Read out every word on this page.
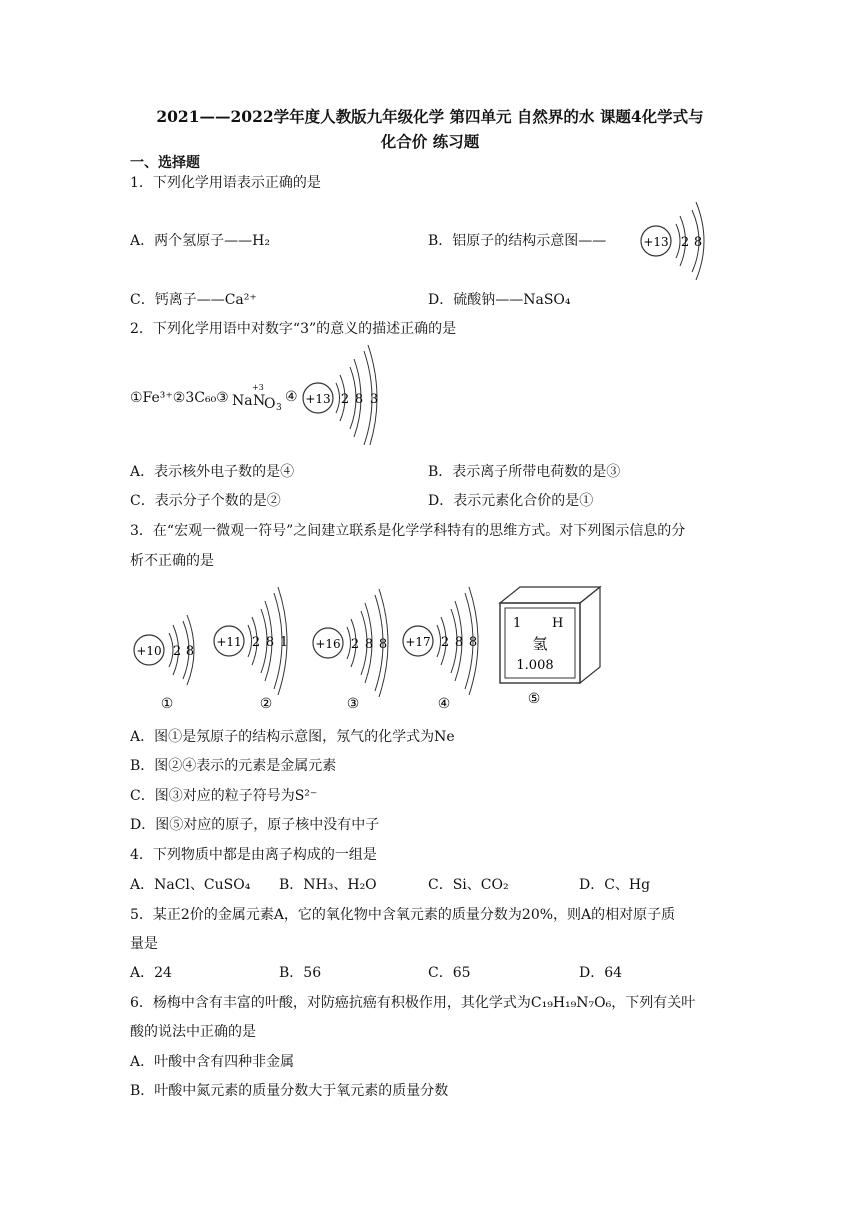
2021——2022学年度人教版九年级化学 第四单元 自然界的水 课题4化学式与
化合价 练习题
一、选择题
1．下列化学用语表示正确的是
A．两个氢原子——H₂	B．铝原子的结构示意图——	+13 2 8
C．钙离子——Ca²⁺	D．硫酸钠——NaSO₄
2．下列化学用语中对数字“3”的意义的描述正确的是
①Fe³⁺②3C₆₀③ Na
+3
N
O 3
④ +13 2 8 3
A．表示核外电子数的是④	B．表示离子所带电荷数的是③
C．表示分子个数的是②	D．表示元素化合价的是①
3．在“宏观一微观一符号”之间建立联系是化学学科特有的思维方式。对下列图示信息的分
析不正确的是
+10 2 8
①
+11 2 8 1
②
+16 2 8 8
③
+17 2 8 8
④
1 H
氢
1.008
⑤
A．图①是氖原子的结构示意图，氖气的化学式为Ne
B．图②④表示的元素是金属元素
C．图③对应的粒子符号为S²⁻
D．图⑤对应的原子，原子核中没有中子
4．下列物质中都是由离子构成的一组是
A．NaCl、CuSO₄ B．NH₃、H₂O	C．Si、CO₂	D．C、Hg
5．某正2价的金属元素A，它的氧化物中含氧元素的质量分数为20%，则A的相对原子质
量是
A．24	B．56	C．65	D．64
6．杨梅中含有丰富的叶酸，对防癌抗癌有积极作用，其化学式为C₁₉H₁₉N₇O₆，下列有关叶
酸的说法中正确的是
A．叶酸中含有四种非金属
B．叶酸中氮元素的质量分数大于氧元素的质量分数
